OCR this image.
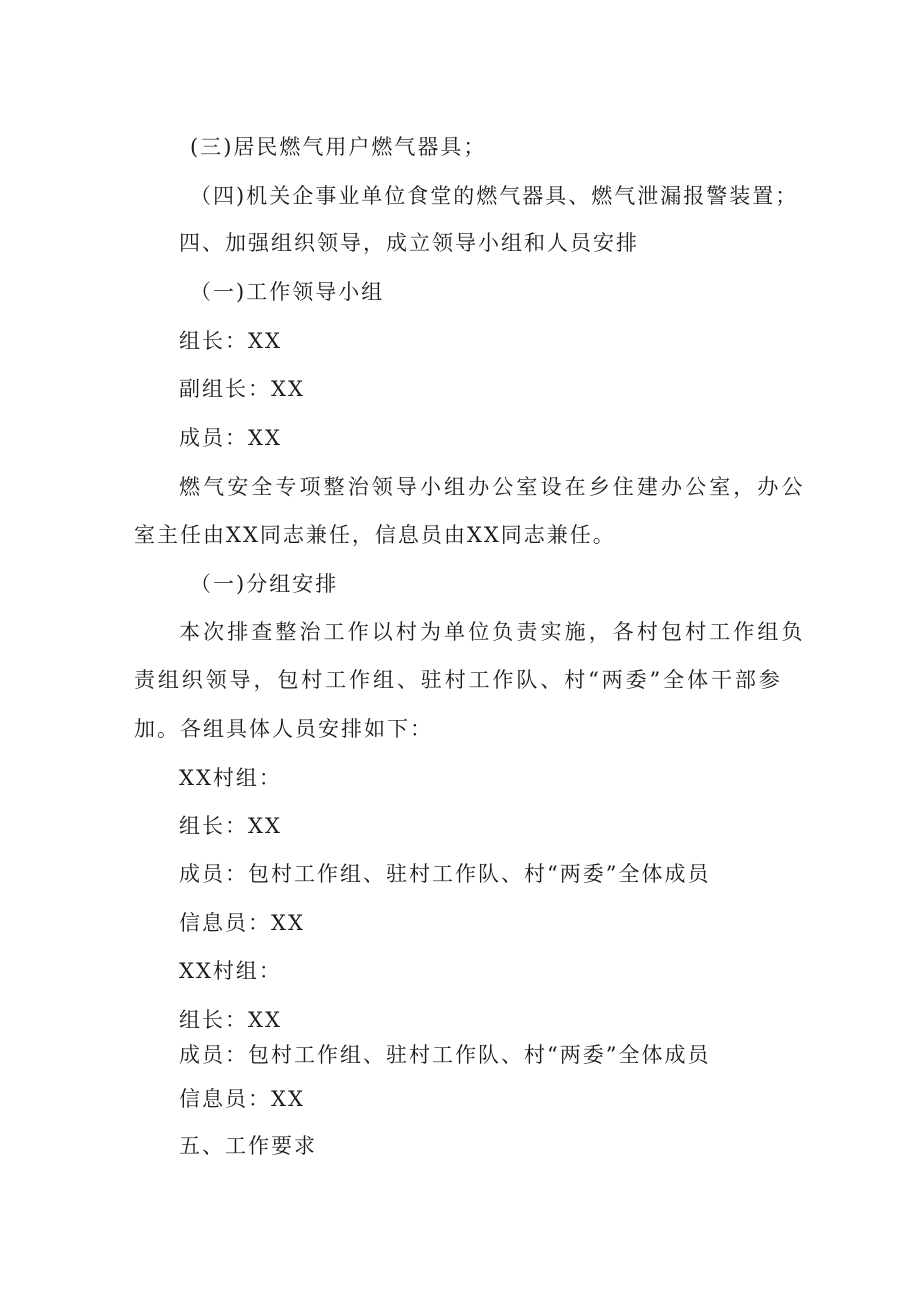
(三)居民燃气用户燃气器具；
（四)机关企事业单位食堂的燃气器具、燃气泄漏报警装置；
四、加强组织领导，成立领导小组和人员安排
（一)工作领导小组
组长：XX
副组长：XX
成员：XX
燃气安全专项整治领导小组办公室设在乡住建办公室，办公
室主任由XX同志兼任，信息员由XX同志兼任。
（一)分组安排
本次排查整治工作以村为单位负责实施，各村包村工作组负
责组织领导，包村工作组、驻村工作队、村“两委”全体干部参
加。各组具体人员安排如下：
XX村组：
组长：XX
成员：包村工作组、驻村工作队、村“两委”全体成员
信息员：XX
XX村组：
组长：XX
成员：包村工作组、驻村工作队、村“两委”全体成员
信息员：XX
五、工作要求
